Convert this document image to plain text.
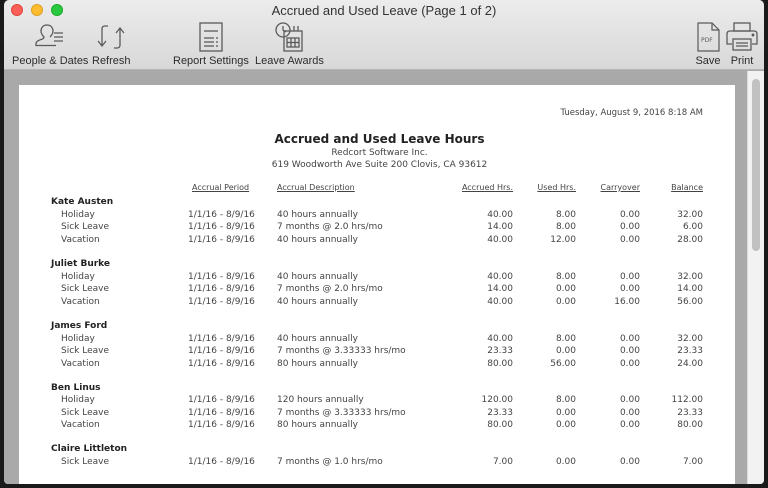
Accrued and Used Leave (Page 1 of 2)
People & Dates Refresh	Report Settings Leave Awards
PDF
Save Print
Tuesday, August 9, 2016 8:18 AM
Accrued and Used Leave Hours
Redcort Software Inc.
619 Woodworth Ave Suite 200 Clovis, CA 93612
Accrual Period	Accrual Description	Accrued Hrs.	Used Hrs.	Carryover	Balance
Kate Austen
Holiday	1/1/16 - 8/9/16 40 hours annually	40.00	8.00	0.00	32.00
Sick Leave	1/1/16 - 8/9/16 7 months @ 2.0 hrs/mo	14.00	8.00	0.00	6.00
Vacation	1/1/16 - 8/9/16 40 hours annually	40.00	12.00	0.00	28.00
Juliet Burke
Holiday	1/1/16 - 8/9/16 40 hours annually	40.00	8.00	0.00	32.00
Sick Leave	1/1/16 - 8/9/16 7 months @ 2.0 hrs/mo	14.00	0.00	0.00	14.00
Vacation	1/1/16 - 8/9/16 40 hours annually	40.00	0.00	16.00	56.00
James Ford
Holiday	1/1/16 - 8/9/16 40 hours annually	40.00	8.00	0.00	32.00
Sick Leave	1/1/16 - 8/9/16 7 months @ 3.33333 hrs/mo	23.33	0.00	0.00	23.33
Vacation	1/1/16 - 8/9/16 80 hours annually	80.00	56.00	0.00	24.00
Ben Linus
Holiday	1/1/16 - 8/9/16 120 hours annually	120.00	8.00	0.00	112.00
Sick Leave	1/1/16 - 8/9/16 7 months @ 3.33333 hrs/mo	23.33	0.00	0.00	23.33
Vacation	1/1/16 - 8/9/16 80 hours annually	80.00	0.00	0.00	80.00
Claire Littleton
Sick Leave	1/1/16 - 8/9/16 7 months @ 1.0 hrs/mo	7.00	0.00	0.00	7.00
